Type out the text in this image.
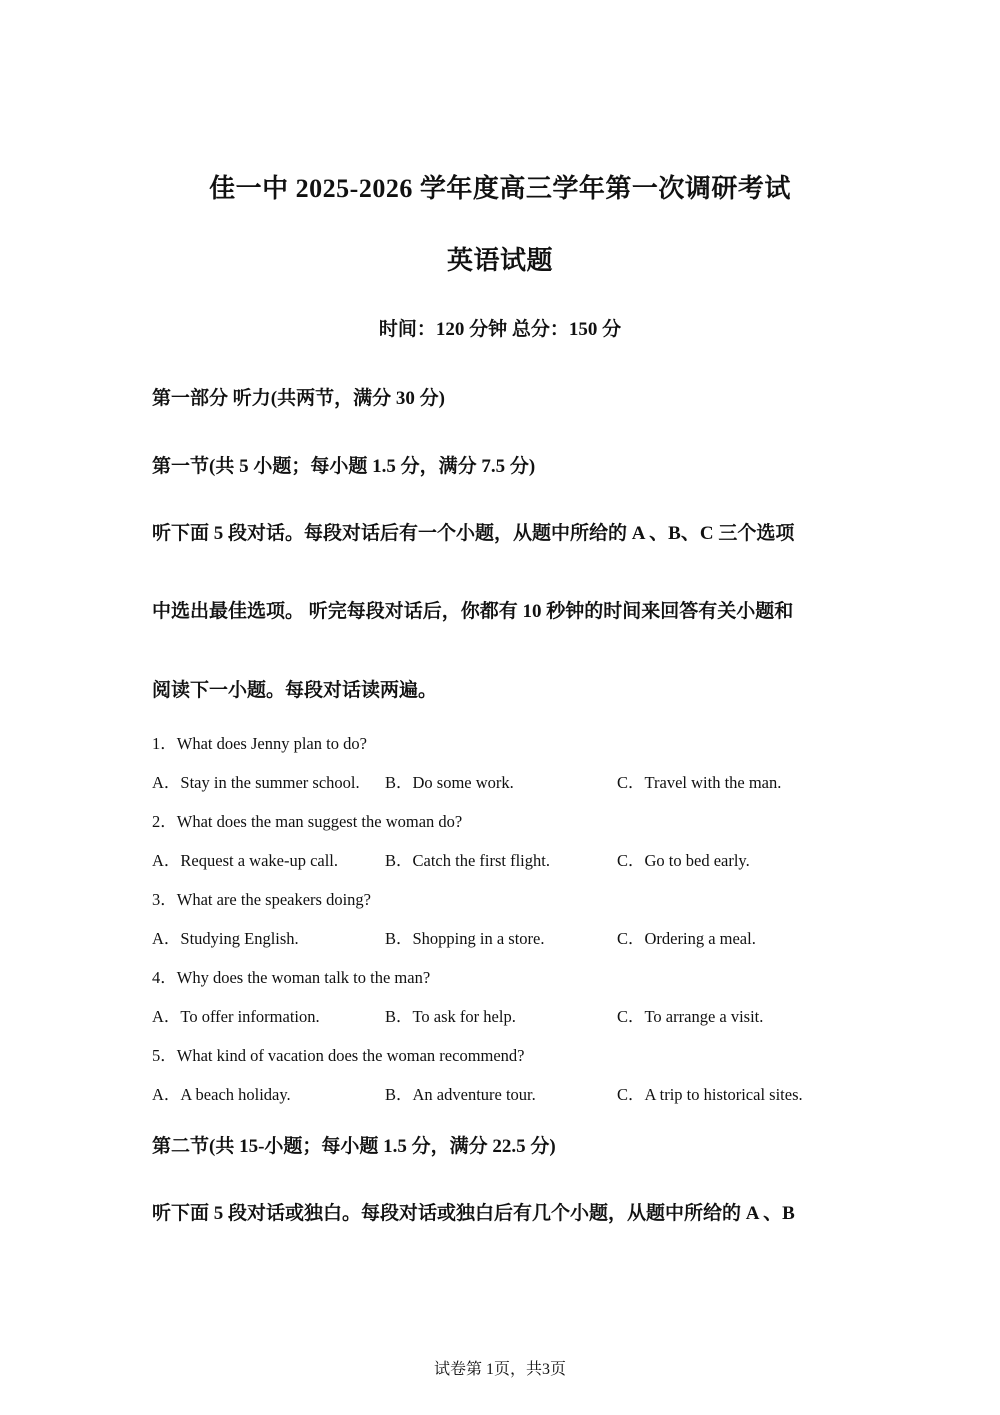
佳一中 2025-2026 学年度高三学年第一次调研考试
英语试题
时间：120 分钟 总分：150 分
第一部分 听力(共两节，满分 30 分)
第一节(共 5 小题；每小题 1.5 分，满分 7.5 分)
听下面 5 段对话。每段对话后有一个小题，从题中所给的 A 、B、C 三个选项
中选出最佳选项。 听完每段对话后，你都有 10 秒钟的时间来回答有关小题和
阅读下一小题。每段对话读两遍。
1．What does Jenny plan to do?
A．Stay in the summer school. B．Do some work.	C．Travel with the man.
2．What does the man suggest the woman do?
A．Request a wake-up call.	B．Catch the first flight.	C．Go to bed early.
3．What are the speakers doing?
A．Studying English.	B．Shopping in a store.	C．Ordering a meal.
4．Why does the woman talk to the man?
A．To offer information.	B．To ask for help.	C．To arrange a visit.
5．What kind of vacation does the woman recommend?
A．A beach holiday.	B．An adventure tour.	C．A trip to historical sites.
第二节(共 15-小题；每小题 1.5 分，满分 22.5 分)
听下面 5 段对话或独白。每段对话或独白后有几个小题，从题中所给的 A 、B
试卷第 1页，共3页
